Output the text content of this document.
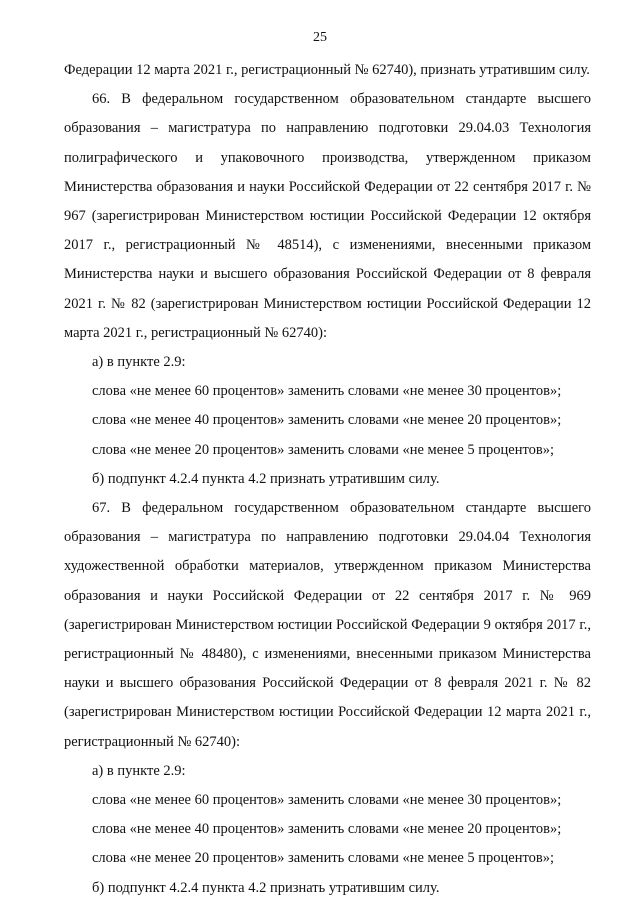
25

Федерации 12 марта 2021 г., регистрационный № 62740), признать утратившим силу.

66. В федеральном государственном образовательном стандарте высшего образования – магистратура по направлению подготовки 29.04.03 Технология полиграфического и упаковочного производства, утвержденном приказом Министерства образования и науки Российской Федерации от 22 сентября 2017 г. № 967 (зарегистрирован Министерством юстиции Российской Федерации 12 октября 2017 г., регистрационный № 48514), с изменениями, внесенными приказом Министерства науки и высшего образования Российской Федерации от 8 февраля 2021 г. № 82 (зарегистрирован Министерством юстиции Российской Федерации 12 марта 2021 г., регистрационный № 62740):

а) в пункте 2.9:

слова «не менее 60 процентов» заменить словами «не менее 30 процентов»;

слова «не менее 40 процентов» заменить словами «не менее 20 процентов»;

слова «не менее 20 процентов» заменить словами «не менее 5 процентов»;

б) подпункт 4.2.4 пункта 4.2 признать утратившим силу.

67. В федеральном государственном образовательном стандарте высшего образования – магистратура по направлению подготовки 29.04.04 Технология художественной обработки материалов, утвержденном приказом Министерства образования и науки Российской Федерации от 22 сентября 2017 г. № 969 (зарегистрирован Министерством юстиции Российской Федерации 9 октября 2017 г., регистрационный № 48480), с изменениями, внесенными приказом Министерства науки и высшего образования Российской Федерации от 8 февраля 2021 г. № 82 (зарегистрирован Министерством юстиции Российской Федерации 12 марта 2021 г., регистрационный № 62740):

а) в пункте 2.9:

слова «не менее 60 процентов» заменить словами «не менее 30 процентов»;

слова «не менее 40 процентов» заменить словами «не менее 20 процентов»;

слова «не менее 20 процентов» заменить словами «не менее 5 процентов»;

б) подпункт 4.2.4 пункта 4.2 признать утратившим силу.
